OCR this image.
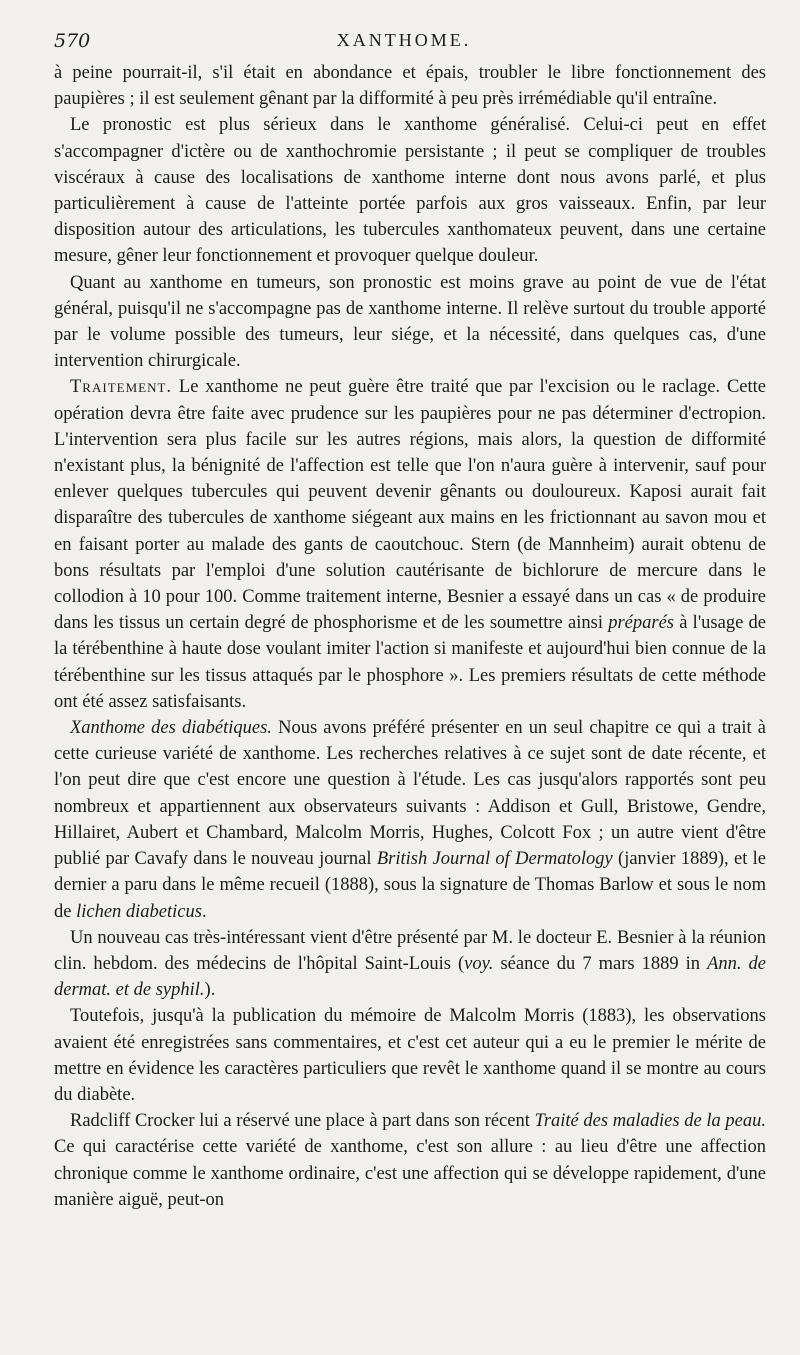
570	XANTHOME.

à peine pourrait-il, s'il était en abondance et épais, troubler le libre fonctionnement des paupières ; il est seulement gênant par la difformité à peu près irrémédiable qu'il entraîne.

Le pronostic est plus sérieux dans le xanthome généralisé. Celui-ci peut en effet s'accompagner d'ictère ou de xanthochromie persistante ; il peut se compliquer de troubles viscéraux à cause des localisations de xanthome interne dont nous avons parlé, et plus particulièrement à cause de l'atteinte portée parfois aux gros vaisseaux. Enfin, par leur disposition autour des articulations, les tubercules xanthomateux peuvent, dans une certaine mesure, gêner leur fonctionnement et provoquer quelque douleur.

Quant au xanthome en tumeurs, son pronostic est moins grave au point de vue de l'état général, puisqu'il ne s'accompagne pas de xanthome interne. Il relève surtout du trouble apporté par le volume possible des tumeurs, leur siége, et la nécessité, dans quelques cas, d'une intervention chirurgicale.

Traitement. Le xanthome ne peut guère être traité que par l'excision ou le raclage. Cette opération devra être faite avec prudence sur les paupières pour ne pas déterminer d'ectropion. L'intervention sera plus facile sur les autres régions, mais alors, la question de difformité n'existant plus, la bénignité de l'affection est telle que l'on n'aura guère à intervenir, sauf pour enlever quelques tubercules qui peuvent devenir gênants ou douloureux. Kaposi aurait fait disparaître des tubercules de xanthome siégeant aux mains en les frictionnant au savon mou et en faisant porter au malade des gants de caoutchouc. Stern (de Mannheim) aurait obtenu de bons résultats par l'emploi d'une solution cautérisante de bichlorure de mercure dans le collodion à 10 pour 100. Comme traitement interne, Besnier a essayé dans un cas « de produire dans les tissus un certain degré de phosphorisme et de les soumettre ainsi préparés à l'usage de la térébenthine à haute dose voulant imiter l'action si manifeste et aujourd'hui bien connue de la térébenthine sur les tissus attaqués par le phosphore ». Les premiers résultats de cette méthode ont été assez satisfaisants.

Xanthome des diabétiques. Nous avons préféré présenter en un seul chapitre ce qui a trait à cette curieuse variété de xanthome. Les recherches relatives à ce sujet sont de date récente, et l'on peut dire que c'est encore une question à l'étude. Les cas jusqu'alors rapportés sont peu nombreux et appartiennent aux observateurs suivants : Addison et Gull, Bristowe, Gendre, Hillairet, Aubert et Chambard, Malcolm Morris, Hughes, Colcott Fox ; un autre vient d'être publié par Cavafy dans le nouveau journal British Journal of Dermatology (janvier 1889), et le dernier a paru dans le même recueil (1888), sous la signature de Thomas Barlow et sous le nom de lichen diabeticus.

Un nouveau cas très-intéressant vient d'être présenté par M. le docteur E. Besnier à la réunion clin. hebdom. des médecins de l'hôpital Saint-Louis (voy. séance du 7 mars 1889 in Ann. de dermat. et de syphil.).

Toutefois, jusqu'à la publication du mémoire de Malcolm Morris (1883), les observations avaient été enregistrées sans commentaires, et c'est cet auteur qui a eu le premier le mérite de mettre en évidence les caractères particuliers que revêt le xanthome quand il se montre au cours du diabète.

Radcliff Crocker lui a réservé une place à part dans son récent Traité des maladies de la peau. Ce qui caractérise cette variété de xanthome, c'est son allure : au lieu d'être une affection chronique comme le xanthome ordinaire, c'est une affection qui se développe rapidement, d'une manière aiguë, peut-on
